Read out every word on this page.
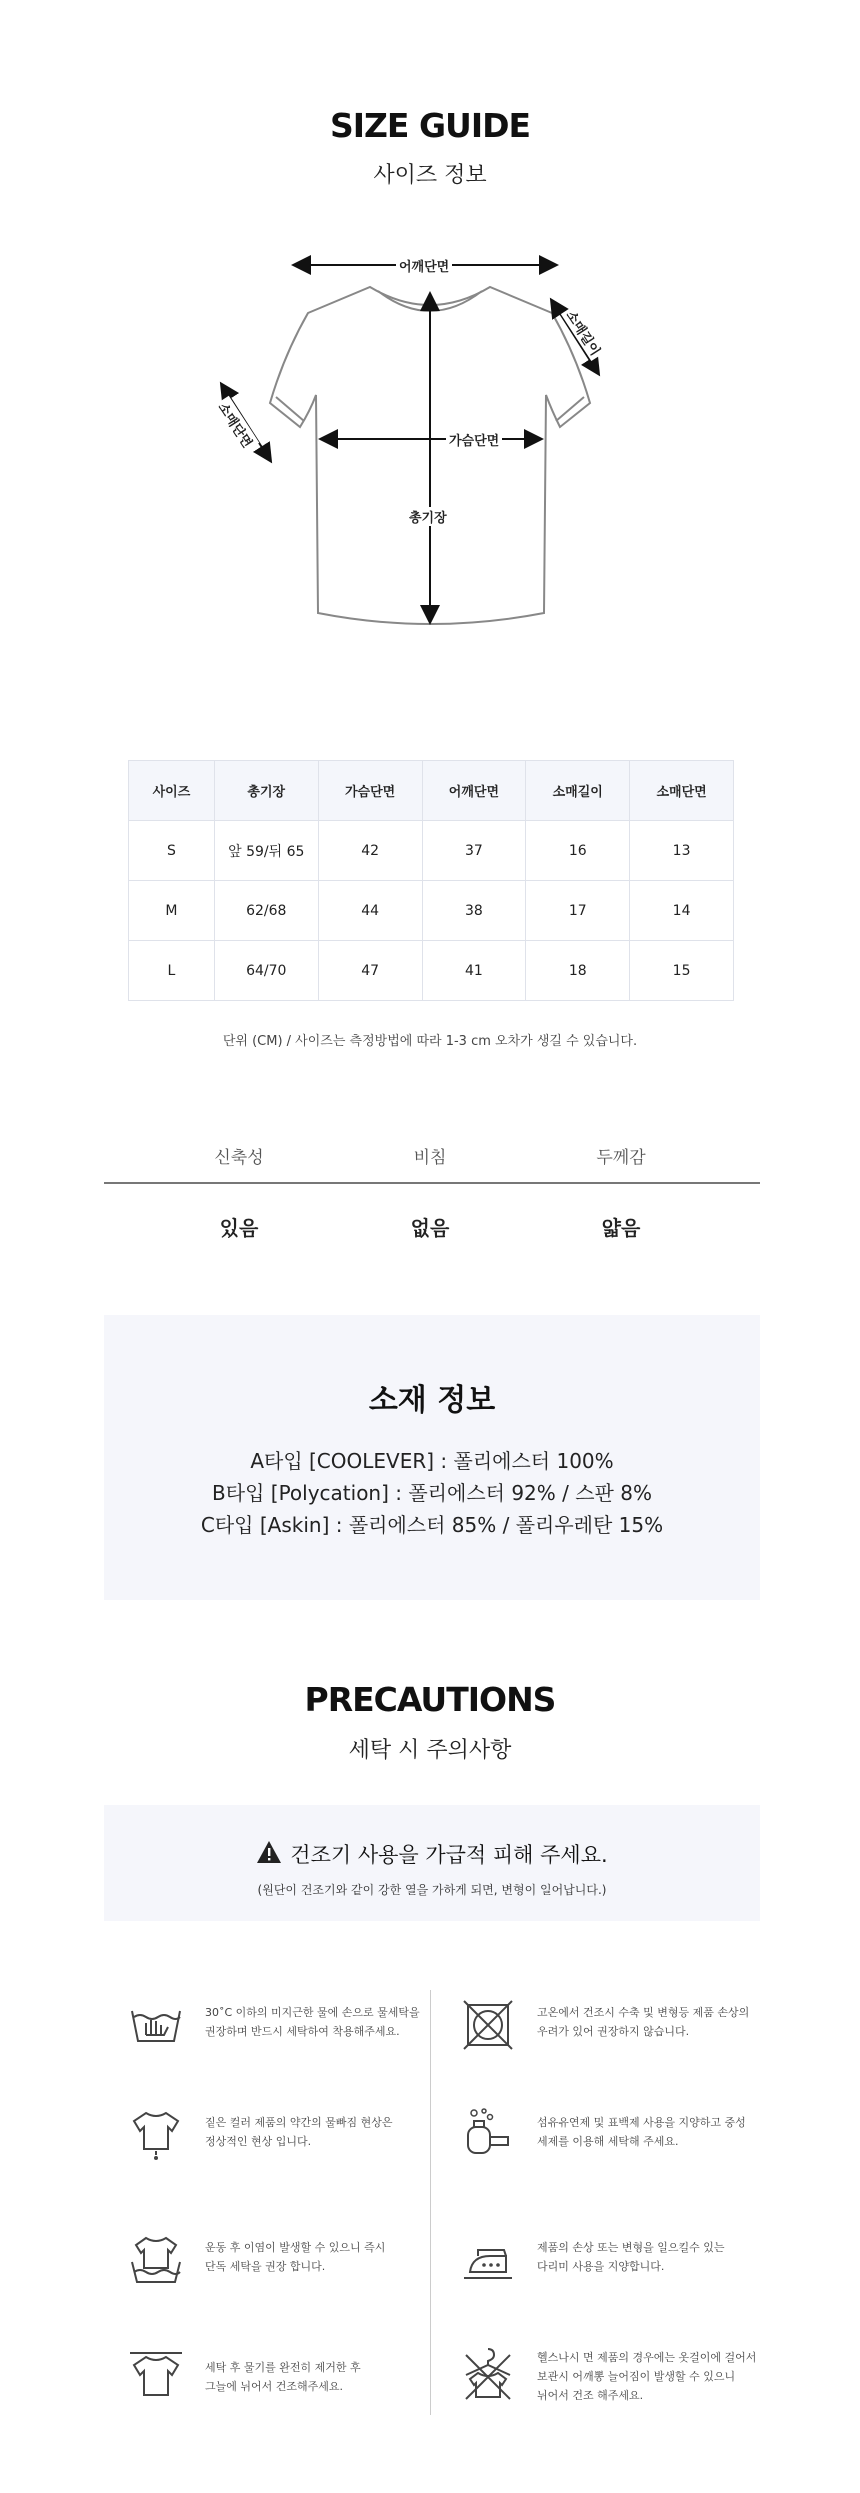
SIZE GUIDE
사이즈 정보
어깨단면
소매길이
소매단면	가슴단면
총기장
사이즈	총기장	가슴단면	어깨단면	소매길이	소매단면
S	앞 59/뒤 65	42	37	16	13
M	62/68	44	38	17	14
L	64/70	47	41	18	15
단위 (CM) / 사이즈는 측정방법에 따라 1-3 cm 오차가 생길 수 있습니다.
신축성	비침	두께감
있음	없음	얇음
소재 정보
A타입 [COOLEVER] : 폴리에스터 100%
B타입 [Polycation] : 폴리에스터 92% / 스판 8%
C타입 [Askin] : 폴리에스터 85% / 폴리우레탄 15%
PRECAUTIONS
세탁 시 주의사항
건조기 사용을 가급적 피해 주세요.
(원단이 건조기와 같이 강한 열을 가하게 되면, 변형이 일어납니다.)
30˚C 이하의 미지근한 물에 손으로 물세탁을
권장하며 반드시 세탁하여 착용해주세요.
고온에서 건조시 수축 및 변형등 제품 손상의
우려가 있어 권장하지 않습니다.
짙은 컬러 제품의 약간의 물빠짐 현상은
정상적인 현상 입니다.
섬유유연제 및 표백제 사용을 지양하고 중성
세제를 이용해 세탁해 주세요.
운동 후 이염이 발생할 수 있으니 즉시
단독 세탁을 권장 합니다.
제품의 손상 또는 변형을 일으킬수 있는
다리미 사용을 지양합니다.
세탁 후 물기를 완전히 제거한 후
그늘에 뉘어서 건조해주세요.
헬스나시 면 제품의 경우에는 옷걸이에 걸어서
보관시 어깨뽕 늘어짐이 발생할 수 있으니
뉘어서 건조 해주세요.
